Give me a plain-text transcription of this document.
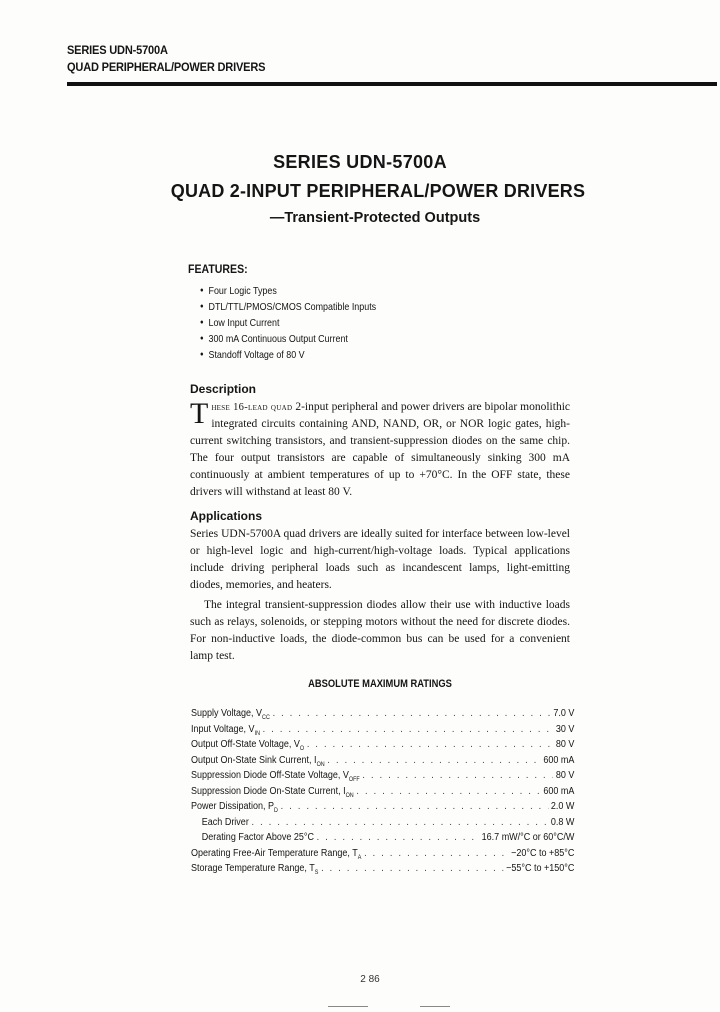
SERIES UDN-5700A
QUAD PERIPHERAL/POWER DRIVERS
SERIES UDN-5700A
QUAD 2-INPUT PERIPHERAL/POWER DRIVERS
—Transient-Protected Outputs
FEATURES:
● Four Logic Types
● DTL/TTL/PMOS/CMOS Compatible Inputs
● Low Input Current
● 300 mA Continuous Output Current
● Standoff Voltage of 80 V
Description
These 16-lead quad 2-input peripheral and power drivers are bipolar monolithic integrated circuits containing AND, NAND, OR, or NOR logic gates, high-current switching transistors, and transient-suppression diodes on the same chip. The four output transistors are capable of simultaneously sinking 300 mA continuously at ambient temperatures of up to +70°C. In the OFF state, these drivers will withstand at least 80 V.
Applications
Series UDN-5700A quad drivers are ideally suited for interface between low-level or high-level logic and high-current/high-voltage loads. Typical applications include driving peripheral loads such as incandescent lamps, light-emitting diodes, memories, and heaters.
The integral transient-suppression diodes allow their use with inductive loads such as relays, solenoids, or stepping motors without the need for discrete diodes. For non-inductive loads, the diode-common bus can be used for a convenient lamp test.
ABSOLUTE MAXIMUM RATINGS
Supply Voltage, $V_{CC}$ . . .	7.0 V
Input Voltage, $V_{IN}$ . . .	30 V
Output Off-State Voltage, $V_O$ . . .	80 V
Output On-State Sink Current, $I_{ON}$ . . .	600 mA
Suppression Diode Off-State Voltage, $V_{OFF}$ . . .	80 V
Suppression Diode On-State Current, $I_{ON}$ . . .	600 mA
Power Dissipation, $P_D$ . . .	2.0 W
Each Driver . . .	0.8 W
Derating Factor Above 25°C . . .	16.7 mW/°C or 60°C/W
Operating Free-Air Temperature Range, $T_A$ . . .	−20°C to +85°C
Storage Temperature Range, $T_S$ . . .	−55°C to +150°C
2 86
